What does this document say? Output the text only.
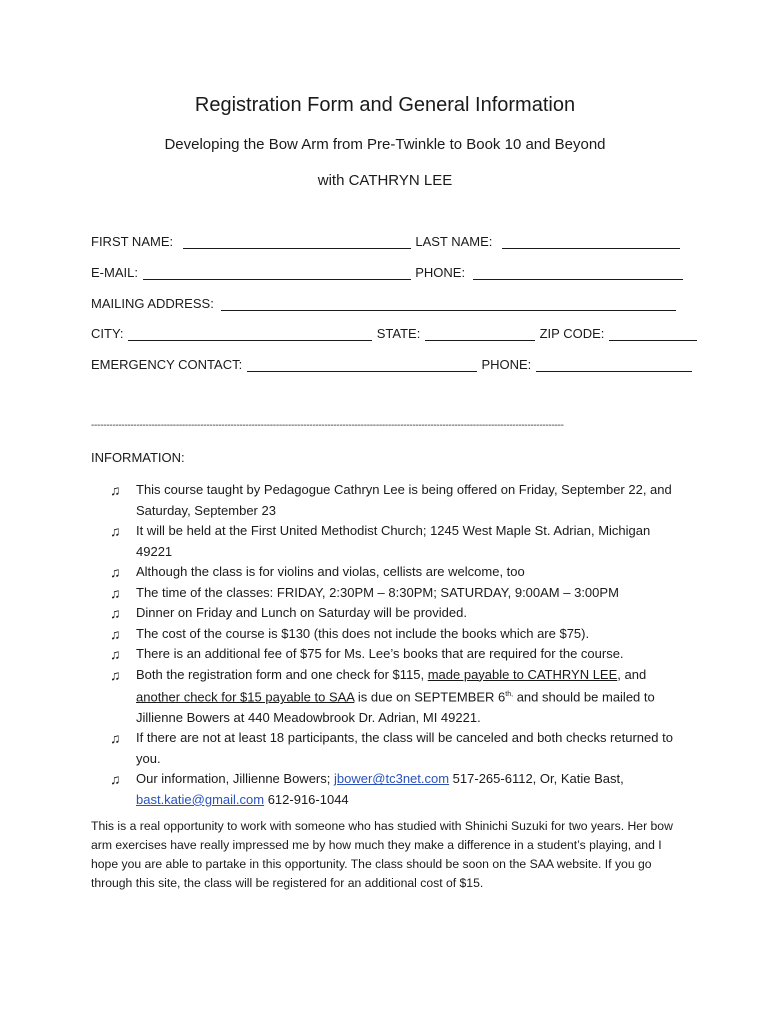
Registration Form and General Information
Developing the Bow Arm from Pre-Twinkle to Book 10 and Beyond
with CATHRYN LEE
FIRST NAME:	LAST NAME:
E-MAIL:	PHONE:
MAILING ADDRESS:
CITY:	STATE:	ZIP CODE:
EMERGENCY CONTACT:	PHONE:
------------------------------------------------------------------------------------------------------------------------------------------------------------
INFORMATION:
♫ This course taught by Pedagogue Cathryn Lee is being offered on Friday, September 22, and Saturday, September 23
♫ It will be held at the First United Methodist Church; 1245 West Maple St. Adrian, Michigan 49221
♫ Although the class is for violins and violas, cellists are welcome, too
♫ The time of the classes: FRIDAY, 2:30PM – 8:30PM; SATURDAY, 9:00AM – 3:00PM
♫ Dinner on Friday and Lunch on Saturday will be provided.
♫ The cost of the course is $130 (this does not include the books which are $75).
♫ There is an additional fee of $75 for Ms. Lee’s books that are required for the course.
♫ Both the registration form and one check for $115, made payable to CATHRYN LEE, and another check for $15 payable to SAA is due on SEPTEMBER $6^{th,}$ and should be mailed to Jillienne Bowers at 440 Meadowbrook Dr. Adrian, MI 49221.
♫ If there are not at least 18 participants, the class will be canceled and both checks returned to you.
♫ Our information, Jillienne Bowers; jbower@tc3net.com 517-265-6112, Or, Katie Bast, bast.katie@gmail.com 612-916-1044
This is a real opportunity to work with someone who has studied with Shinichi Suzuki for two years. Her bow arm exercises have really impressed me by how much they make a difference in a student’s playing, and I hope you are able to partake in this opportunity. The class should be soon on the SAA website. If you go through this site, the class will be registered for an additional cost of $15.
